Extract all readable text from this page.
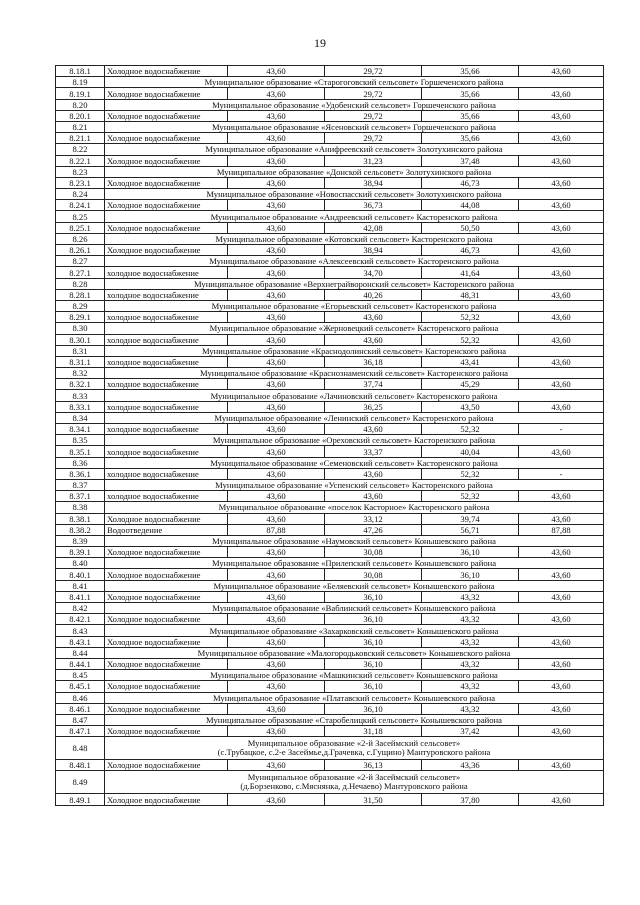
19
8.18.1	Холодное водоснабжение	43,60	29,72	35,66	43,60
8.19	Муниципальное образование «Старогоговский сельсовет» Горшеченского района				
8.19.1	Холодное водоснабжение	43,60	29,72	35,66	43,60
8.20	Муниципальное образование «Удобенский сельсовет» Горшеченского района				
8.20.1	Холодное водоснабжение	43,60	29,72	35,66	43,60
8.21	Муниципальное образование «Ясеновский сельсовет» Горшеченского района				
8.21.1	Холодное водоснабжение	43,60	29,72	35,66	43,60
8.22	Муниципальное образование «Анифреевский сельсовет» Золотухинского района				
8.22.1	Холодное водоснабжение	43,60	31,23	37,48	43,60
8.23	Муниципальное образование «Донской сельсовет» Золотухинского района				
8.23.1	Холодное водоснабжение	43,60	38,94	46,73	43,60
8.24	Муниципальное образование «Новоспасский сельсовет» Золотухинского района				
8.24.1	Холодное водоснабжение	43,60	36,73	44,08	43,60
8.25	Муниципальное образование «Андреевский сельсовет» Касторенского района				
8.25.1	Холодное водоснабжение	43,60	42,08	50,50	43,60
8.26	Муниципальное образование «Котовский сельсовет» Касторенского района				
8.26.1	Холодное водоснабжение	43,60	38,94	46,73	43,60
8.27	Муниципальное образование «Алексеевский сельсовет» Касторенского района				
8.27.1	холодное водоснабжение	43,60	34,70	41,64	43,60
8.28	Муниципальное образование «Верхнеграйворонский сельсовет» Касторенского района				
8.28.1	холодное водоснабжение	43,60	40,26	48,31	43,60
8.29	Муниципальное образование «Егорьевский сельсовет» Касторенского района				
8.29.1	холодное водоснабжение	43,60	43,60	52,32	43,60
8.30	Муниципальное образование «Жерновецкий сельсовет» Касторенского района				
8.30.1	холодное водоснабжение	43,60	43,60	52,32	43,60
8.31	Муниципальное образование «Краснодолинский сельсовет» Касторенского района				
8.31.1	холодное водоснабжение	43,60	36,18	43,41	43,60
8.32	Муниципальное образование «Краснознаменский сельсовет» Касторенского района				
8.32.1	холодное водоснабжение	43,60	37,74	45,29	43,60
8.33	Муниципальное образование «Лачиновский сельсовет» Касторенского района				
8.33.1	холодное водоснабжение	43,60	36,25	43,50	43,60
8.34	Муниципальное образование «Ленинский сельсовет» Касторенского района				
8.34.1	холодное водоснабжение	43,60	43,60	52,32	-
8.35	Муниципальное образование «Ореховский сельсовет» Касторенского района				
8.35.1	холодное водоснабжение	43,60	33,37	40,04	43,60
8.36	Муниципальное образование «Семеновский сельсовет» Касторенского района				
8.36.1	холодное водоснабжение	43,60	43,60	52,32	-
8.37	Муниципальное образование «Успенский сельсовет» Касторенского района				
8.37.1	холодное водоснабжение	43,60	43,60	52,32	43,60
8.38	Муниципальное образование «поселок Касторное» Касторенского района				
8.38.1	Холодное водоснабжение	43,60	33,12	39,74	43,60
8.38.2	Водоотведение	87,88	47,26	56,71	87,88
8.39	Муниципальное образование «Наумовский сельсовет» Конышевского района				
8.39.1	Холодное водоснабжение	43,60	30,08	36,10	43,60
8.40	Муниципальное образование «Прилепский сельсовет» Конышевского района				
8.40.1	Холодное водоснабжение	43,60	30,08	36,10	43,60
8.41	Муниципальное образование «Беляевский сельсовет» Конышевского района				
8.41.1	Холодное водоснабжение	43,60	36,10	43,32	43,60
8.42	Муниципальное образование «Ваблинский сельсовет» Конышевского района				
8.42.1	Холодное водоснабжение	43,60	36,10	43,32	43,60
8.43	Муниципальное образование «Захарковский сельсовет» Конышевского района				
8.43.1	Холодное водоснабжение	43,60	36,10	43,32	43,60
8.44	Муниципальное образование «Малогородьковский сельсовет» Конышевского района				
8.44.1	Холодное водоснабжение	43,60	36,10	43,32	43,60
8.45	Муниципальное образование «Машкинский сельсовет» Конышевского района				
8.45.1	Холодное водоснабжение	43,60	36,10	43,32	43,60
8.46	Муниципальное образование «Платавский сельсовет» Конышевского района				
8.46.1	Холодное водоснабжение	43,60	36,10	43,32	43,60
8.47	Муниципальное образование «Старобелицкий сельсовет» Конышевского района				
8.47.1	Холодное водоснабжение	43,60	31,18	37,42	43,60
8.48	Муниципальное образование «2-й Засеймский сельсовет»
(с.Трубацкое, с.2-е Засеймье,д.Грачевка, с.Гущино) Мантуровского района				

8.48.1	Холодное водоснабжение	43,60	36,13	43,36	43,60
8.49	Муниципальное образование «2-й Засеймский сельсовет»
(д.Борзенково, с.Мяснянка, д.Нечаево) Мантуровского района				

8.49.1	Холодное водоснабжение	43,60	31,50	37,80	43,60
